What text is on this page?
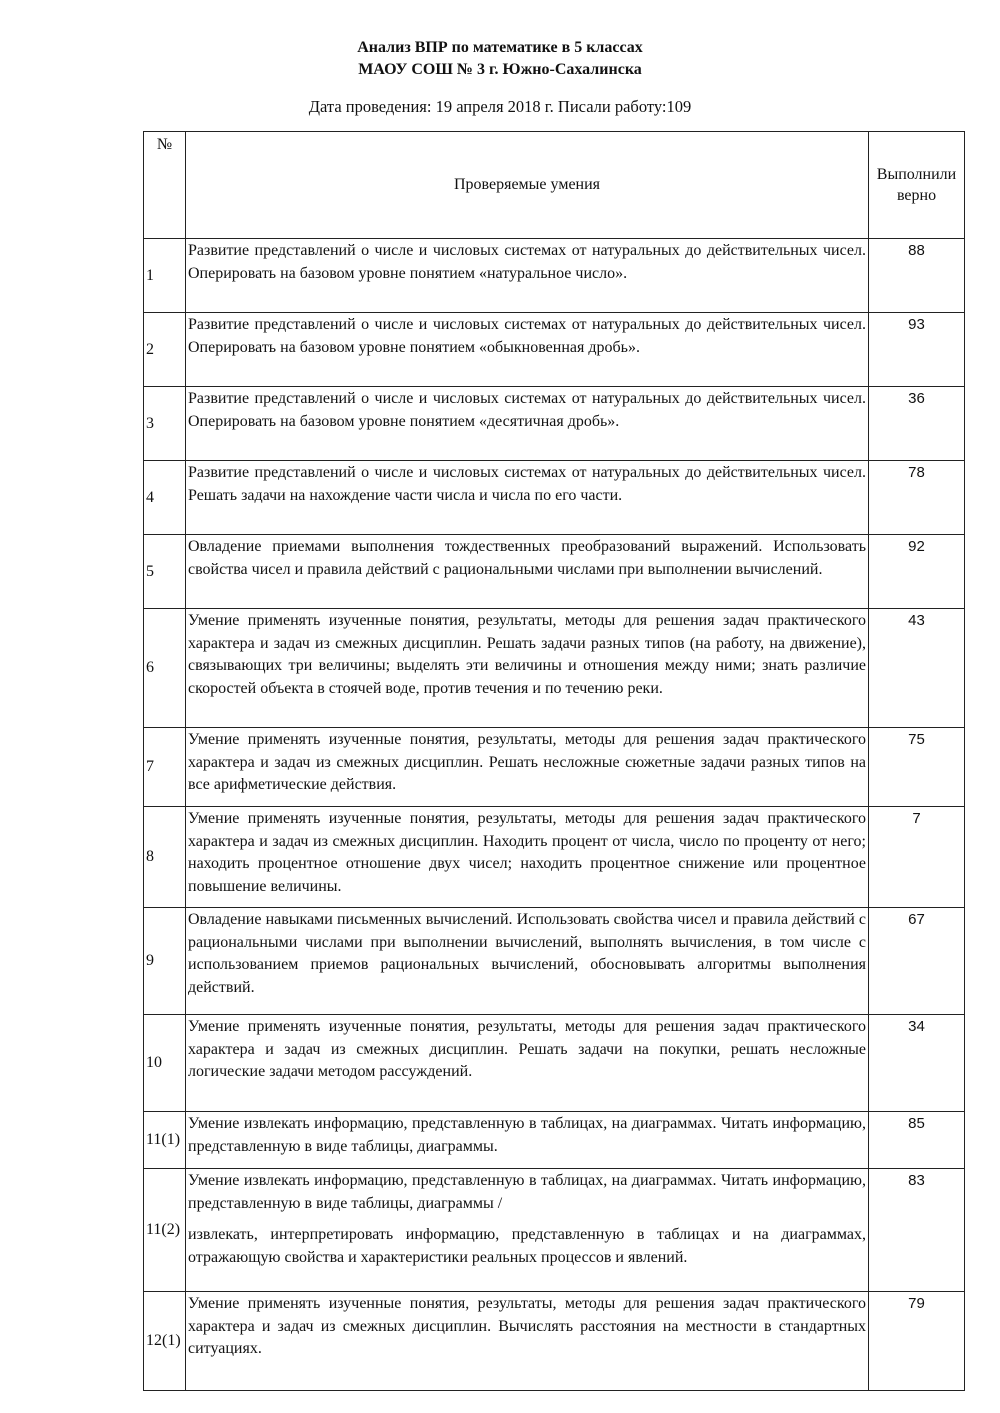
Анализ ВПР по математике в 5 классах
МАОУ СОШ № 3 г. Южно-Сахалинска
Дата проведения: 19 апреля 2018 г. Писали работу:109
№	Проверяемые умения	Выполнили верно
1	Развитие представлений о числе и числовых системах от натуральных до действительных чисел. Оперировать на базовом уровне понятием «натуральное число».	88
2	Развитие представлений о числе и числовых системах от натуральных до действительных чисел. Оперировать на базовом уровне понятием «обыкновенная дробь».	93
3	Развитие представлений о числе и числовых системах от натуральных до действительных чисел. Оперировать на базовом уровне понятием «десятичная дробь».	36
4	Развитие представлений о числе и числовых системах от натуральных до действительных чисел. Решать задачи на нахождение части числа и числа по его части.	78
5	Овладение приемами выполнения тождественных преобразований выражений. Использовать свойства чисел и правила действий с рациональными числами при выполнении вычислений.	92
6	Умение применять изученные понятия, результаты, методы для решения задач практического характера и задач из смежных дисциплин. Решать задачи разных типов (на работу, на движение), связывающих три величины; выделять эти величины и отношения между ними; знать различие скоростей объекта в стоячей воде, против течения и по течению реки.	43
7	Умение применять изученные понятия, результаты, методы для решения задач практического характера и задач из смежных дисциплин. Решать несложные сюжетные задачи разных типов на все арифметические действия.	75
8	Умение применять изученные понятия, результаты, методы для решения задач практического характера и задач из смежных дисциплин. Находить процент от числа, число по проценту от него; находить процентное отношение двух чисел; находить процентное снижение или процентное повышение величины.	7
9	Овладение навыками письменных вычислений. Использовать свойства чисел и правила действий с рациональными числами при выполнении вычислений, выполнять вычисления, в том числе с использованием приемов рациональных вычислений, обосновывать алгоритмы выполнения действий.	67
10	Умение применять изученные понятия, результаты, методы для решения задач практического характера и задач из смежных дисциплин. Решать задачи на покупки, решать несложные логические задачи методом рассуждений.	34
11(1)	Умение извлекать информацию, представленную в таблицах, на диаграммах. Читать информацию, представленную в виде таблицы, диаграммы.	85
11(2)	Умение извлекать информацию, представленную в таблицах, на диаграммах. Читать информацию, представленную в виде таблицы, диаграммы /

извлекать, интерпретировать информацию, представленную в таблицах и на диаграммах, отражающую свойства и характеристики реальных процессов и явлений.	83
12(1)	Умение применять изученные понятия, результаты, методы для решения задач практического характера и задач из смежных дисциплин. Вычислять расстояния на местности в стандартных ситуациях.	79
